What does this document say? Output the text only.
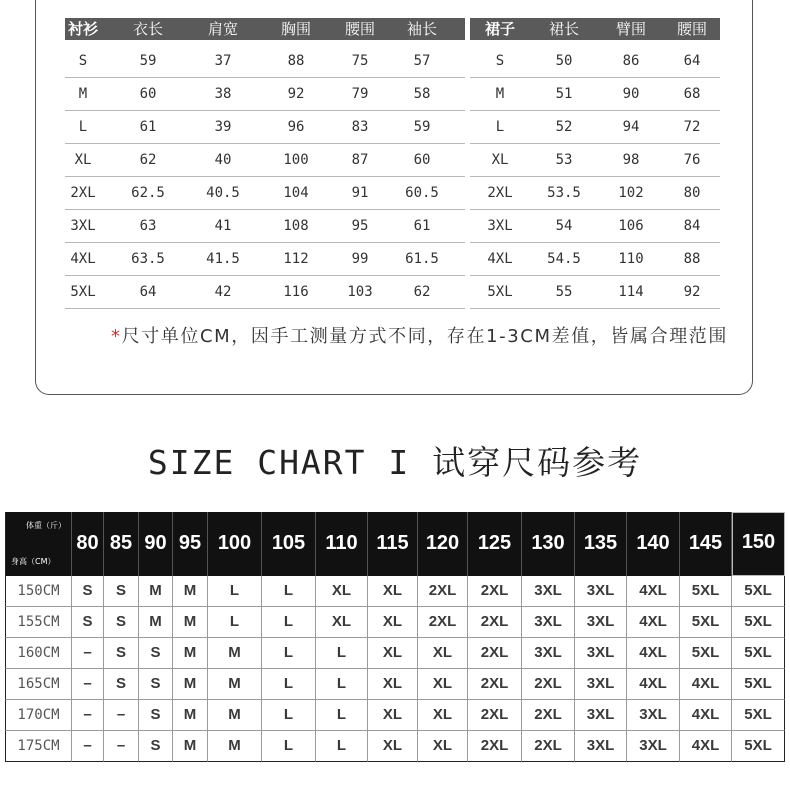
衬衫	衣长	肩宽	胸围	腰围	袖长
S	59	37	88	75	57
M	60	38	92	79	58
L	61	39	96	83	59
XL	62	40	100	87	60
2XL	62.5	40.5	104	91	60.5
3XL	63	41	108	95	61
4XL	63.5	41.5	112	99	61.5
5XL	64	42	116	103	62
裙子	裙长	臂围	腰围
S	50	86	64
M	51	90	68
L	52	94	72
XL	53	98	76
2XL	53.5	102	80
3XL	54	106	84
4XL	54.5	110	88
5XL	55	114	92
*尺寸单位CM，因手工测量方式不同，存在1-3CM差值，皆属合理范围
SIZE CHART I 试穿尺码参考
体重（斤）
身高（CM）
80 85 90 95 100	105	110 115 120 125	130 135 140 145 150
150CM	S	S	M	M	L	L	XL	XL	2XL	2XL	3XL	3XL	4XL	5XL	5XL
155CM	S	S	M	M	L	L	XL	XL	2XL	2XL	3XL	3XL	4XL	5XL	5XL
160CM	–	S	S	M	M	L	L	XL	XL	2XL	3XL	3XL	4XL	5XL	5XL
165CM	–	S	S	M	M	L	L	XL	XL	2XL	2XL	3XL	4XL	4XL	5XL
170CM	–	–	S	M	M	L	L	XL	XL	2XL	2XL	3XL	3XL	4XL	5XL
175CM	–	–	S	M	M	L	L	XL	XL	2XL	2XL	3XL	3XL	4XL	5XL
